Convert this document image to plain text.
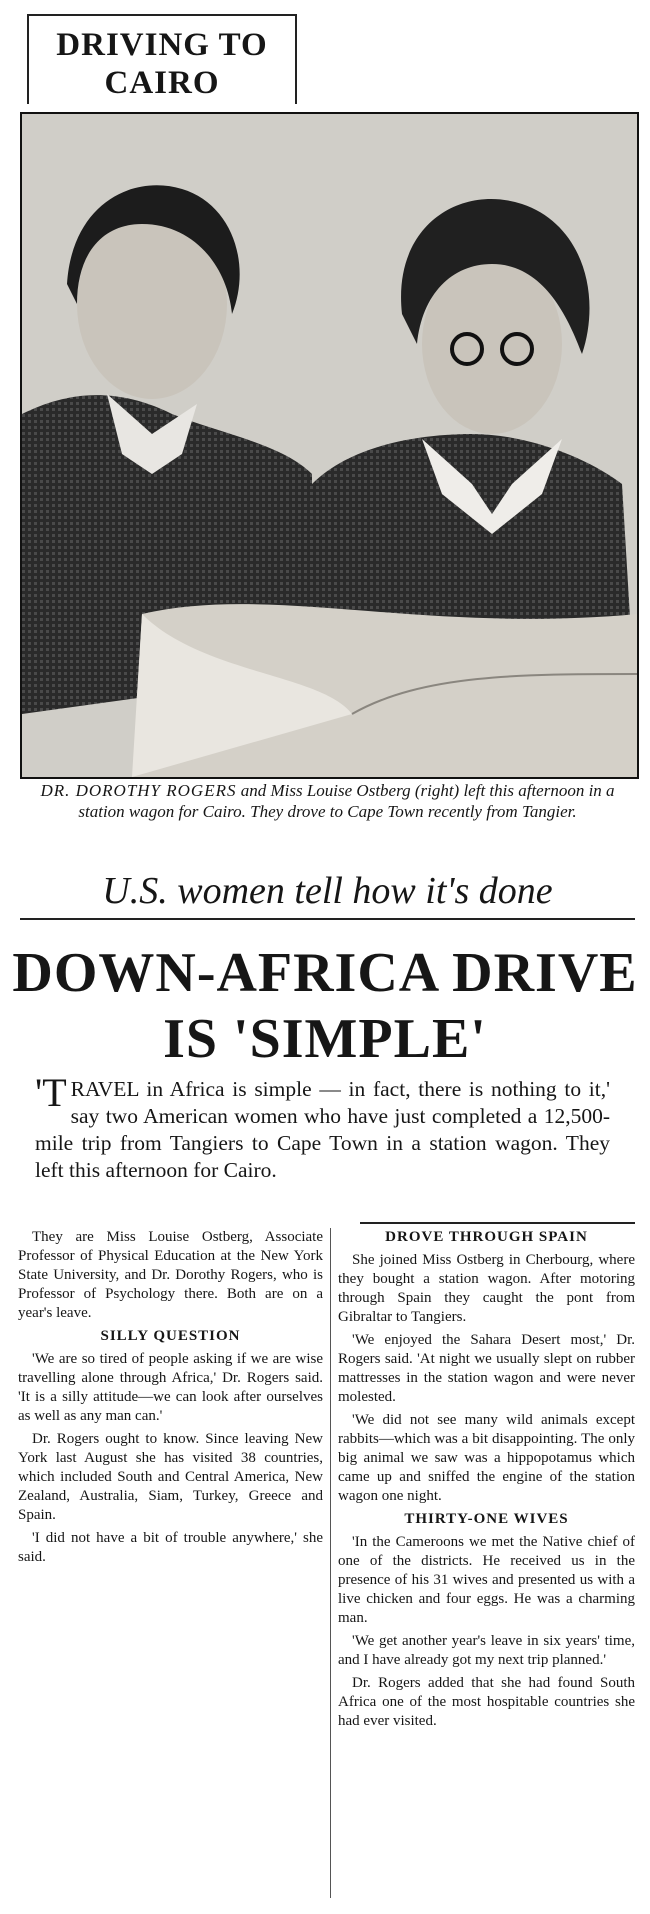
DRIVING TO
CAIRO
DR. DOROTHY ROGERS and Miss Louise Ostberg (right) left this afternoon in a station wagon for Cairo. They drove to Cape Town recently from Tangier.
U.S. women tell how it's done
DOWN-AFRICA DRIVE
IS 'SIMPLE'
'TRAVEL in Africa is simple — in fact, there is nothing to it,' say two American women who have just completed a 12,500-mile trip from Tangiers to Cape Town in a station wagon. They left this afternoon for Cairo.

They are Miss Louise Ostberg, Associate Professor of Physical Education at the New York State University, and Dr. Dorothy Rogers, who is Professor of Psychology there. Both are on a year's leave.

SILLY QUESTION

'We are so tired of people asking if we are wise travelling alone through Africa,' Dr. Rogers said. 'It is a silly attitude—we can look after ourselves as well as any man can.'

Dr. Rogers ought to know. Since leaving New York last August she has visited 38 countries, which included South and Central America, New Zealand, Australia, Siam, Turkey, Greece and Spain.

'I did not have a bit of trouble anywhere,' she said.

DROVE THROUGH SPAIN

She joined Miss Ostberg in Cherbourg, where they bought a station wagon. After motoring through Spain they caught the pont from Gibraltar to Tangiers.

'We enjoyed the Sahara Desert most,' Dr. Rogers said. 'At night we usually slept on rubber mattresses in the station wagon and were never molested.

'We did not see many wild animals except rabbits—which was a bit disappointing. The only big animal we saw was a hippopotamus which came up and sniffed the engine of the station wagon one night.

THIRTY-ONE WIVES

'In the Cameroons we met the Native chief of one of the districts. He received us in the presence of his 31 wives and presented us with a live chicken and four eggs. He was a charming man.

'We get another year's leave in six years' time, and I have already got my next trip planned.'

Dr. Rogers added that she had found South Africa one of the most hospitable countries she had ever visited.
